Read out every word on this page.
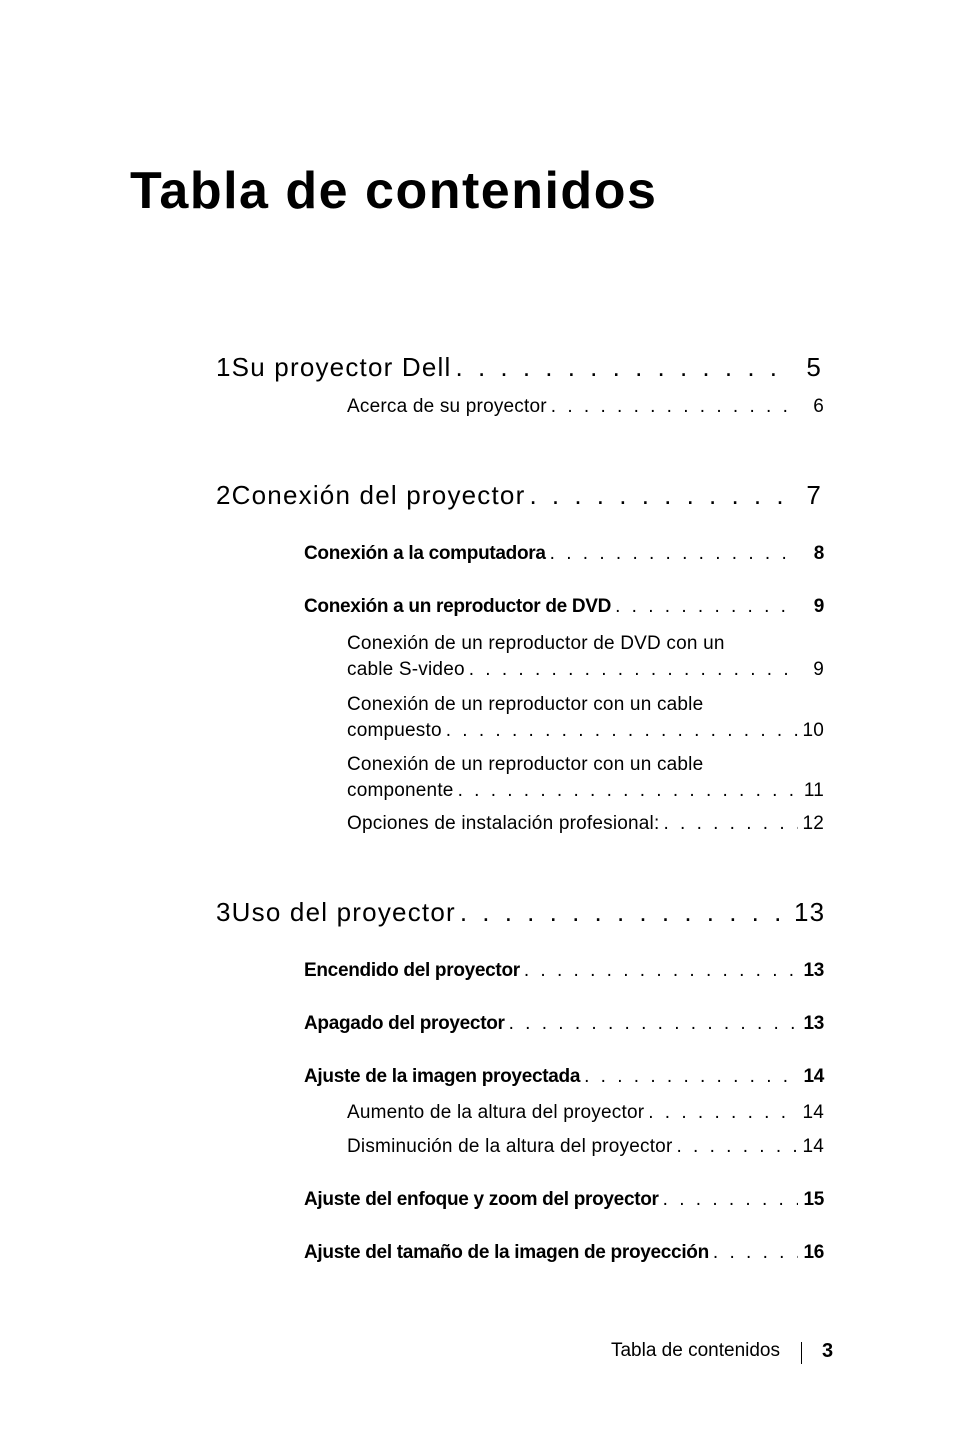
Tabla de contenidos
1 Su proyector Dell . . .	5
Acerca de su proyector . . .	6
2 Conexión del proyector . . .	7
Conexión a la computadora . . .	8
Conexión a un reproductor de DVD . . .	9
Conexión de un reproductor de DVD con un
cable S-video . . .	9
Conexión de un reproductor con un cable
compuesto . . .	10
Conexión de un reproductor con un cable
componente . . .	11
Opciones de instalación profesional: . . .	12
3 Uso del proyector . . .	13
Encendido del proyector . . .	13
Apagado del proyector . . .	13
Ajuste de la imagen proyectada . . .	14
Aumento de la altura del proyector . . .	14
Disminución de la altura del proyector . . .	14
Ajuste del enfoque y zoom del proyector . . .	15
Ajuste del tamaño de la imagen de proyección . . .	16
Tabla de contenidos 3
